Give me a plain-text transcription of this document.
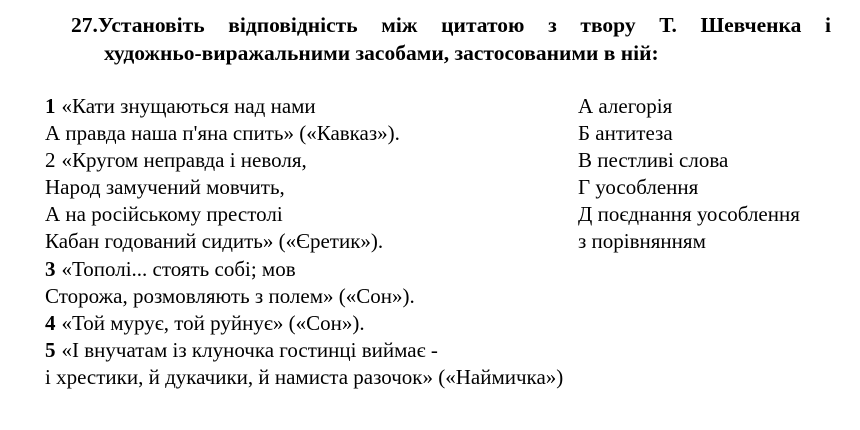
27.Установіть відповідність між цитатою з твору Т. Шевченка і
художньо-виражальними засобами, застосованими в ній:
1 «Кати знущаються над нами
А правда наша п'яна спить» («Кавказ»).
2 «Кругом неправда і неволя,
Народ замучений мовчить,
А на російському престолі
Кабан годований сидить» («Єретик»).
3 «Тополі... стоять собі; мов
Сторожа, розмовляють з полем» («Сон»).
4 «Той мурує, той руйнує» («Сон»).
5 «І внучатам із клуночка гостинці виймає -
і хрестики, й дукачики, й намиста разочок» («Наймичка»)
А алегорія
Б антитеза
В пестливі слова
Г уособлення
Д поєднання уособлення
з порівнянням
